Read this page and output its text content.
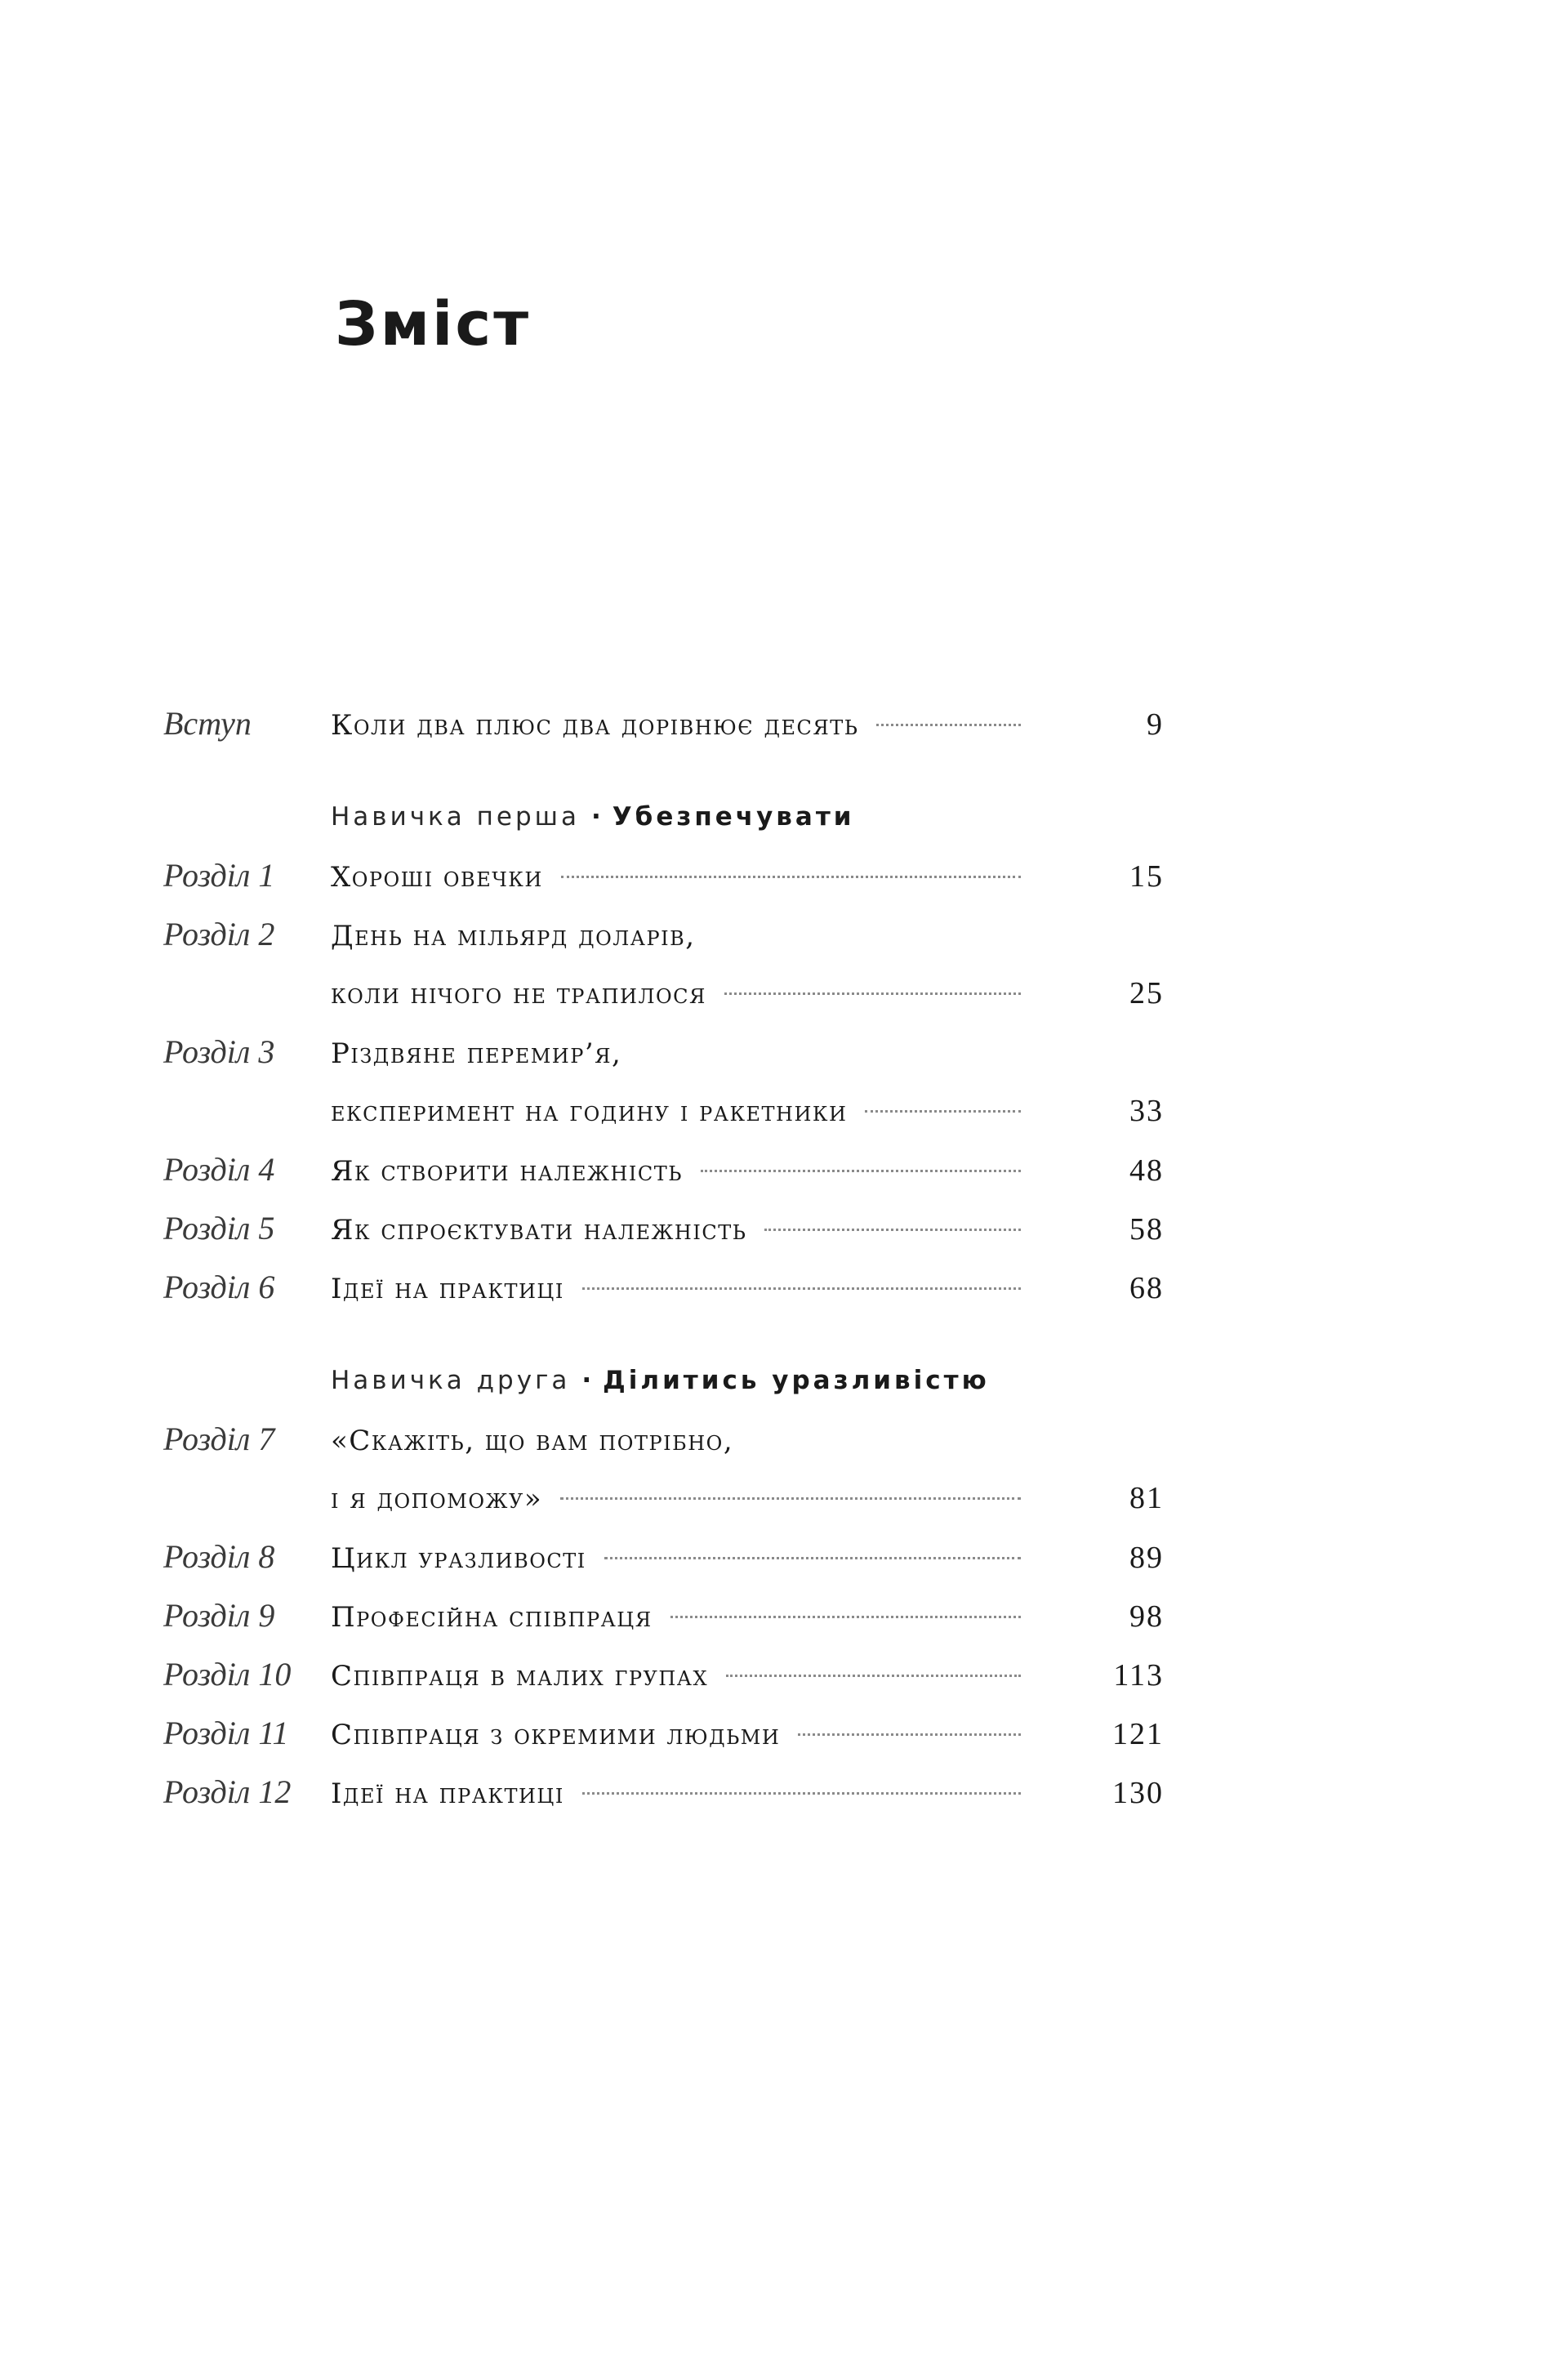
Зміст
Вступ	Коли два плюс два дорівнює десять	9
Навичка перша · Убезпечувати
Розділ 1	Хороші овечки	15
Розділ 2	День на мільярд доларів,
коли нічого не трапилося	25
Розділ 3	Різдвяне перемир’я,
експеримент на годину і ракетники	33
Розділ 4	Як створити належність	48
Розділ 5	Як спроєктувати належність	58
Розділ 6	Ідеї на практиці	68
Навичка друга · Ділитись уразливістю
Розділ 7	«Скажіть, що вам потрібно,
і я допоможу»	81
Розділ 8	Цикл уразливості	89
Розділ 9	Професійна співпраця	98
Розділ 10	Співпраця в малих групах	113
Розділ 11	Співпраця з окремими людьми	121
Розділ 12	Ідеї на практиці	130
